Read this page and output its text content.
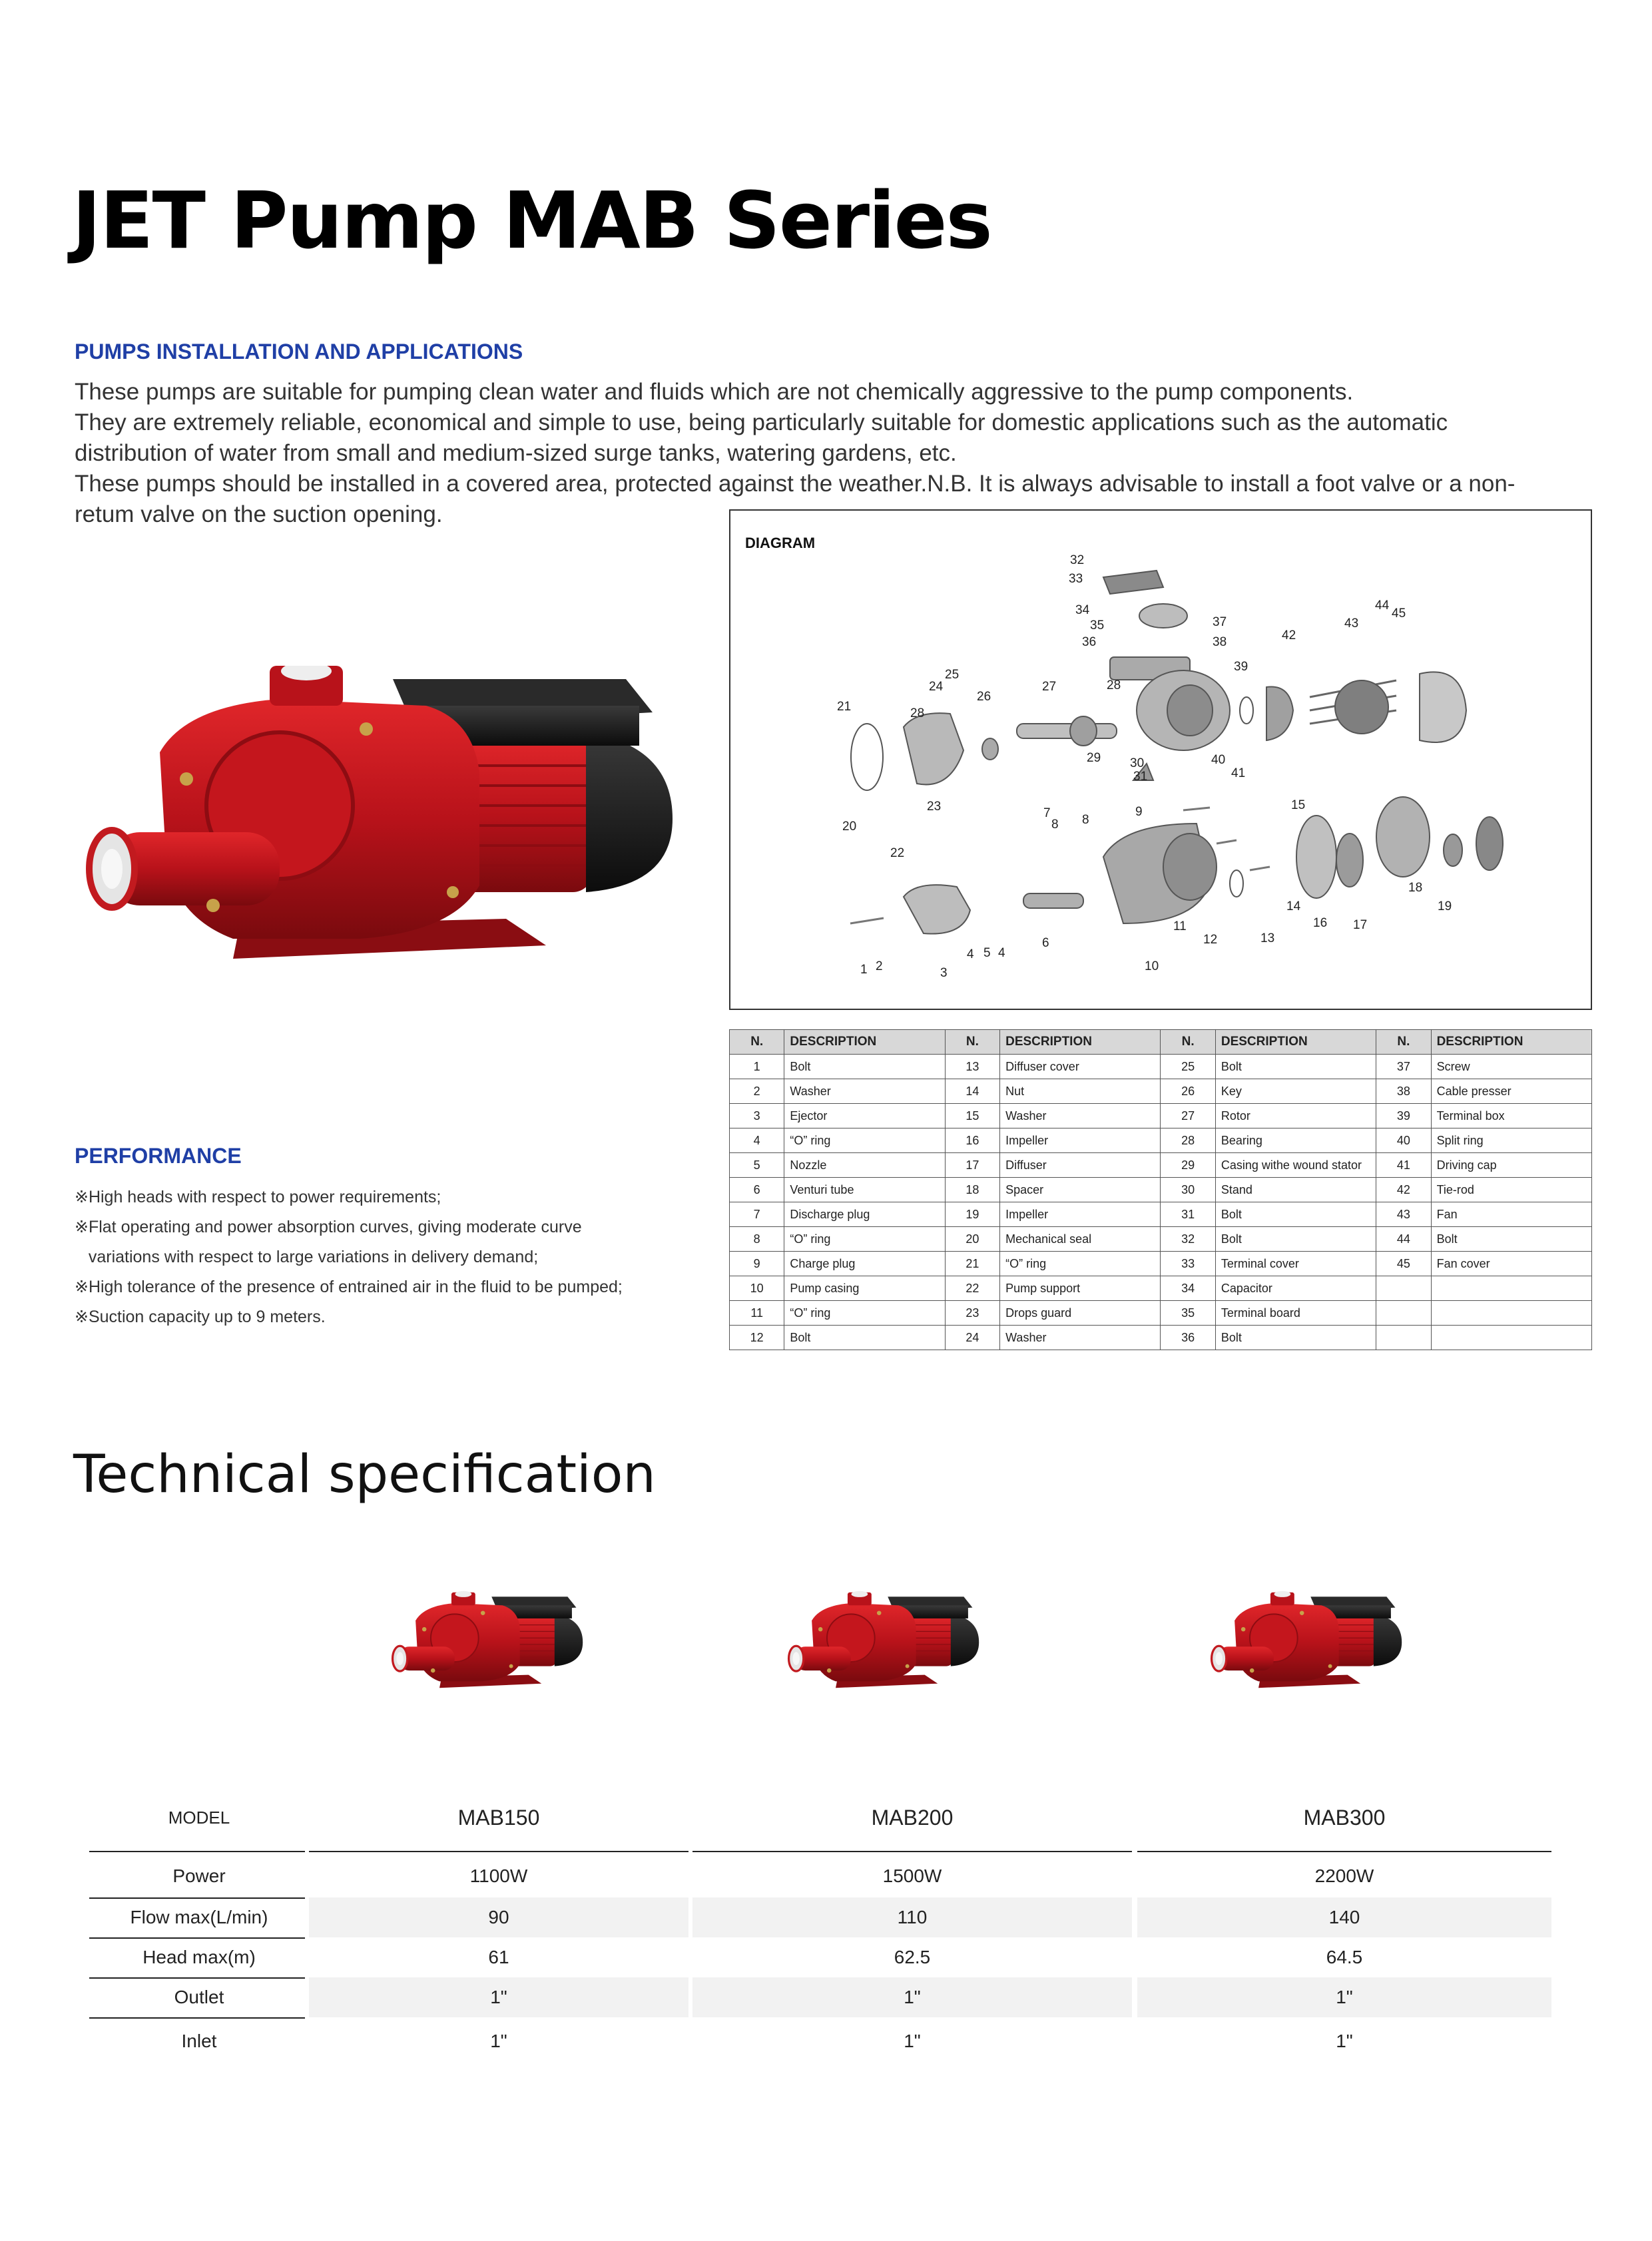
JET Pump MAB Series
PUMPS INSTALLATION AND APPLICATIONS

These pumps are suitable for pumping clean water and fluids which are not chemically aggressive to the pump components.

They are extremely reliable, economical and simple to use, being particularly suitable for domestic applications such as the automatic distribution of water from small and medium-sized surge tanks, watering gardens, etc.

These pumps should be installed in a covered area, protected against the weather.N.B. It is always advisable to install a foot valve or a non-retum valve on the suction opening.

1 2	3
4 5 4
6
7
8 8
9
10
11
12	13
14
15
16 17
18
19
20
21
22
23
24
25
26
27	28
28
29 30
31
32
33
34
35
36
37
38
39
40
41
42
43
44
45
DIAGRAM
N.	DESCRIPTION	N.	DESCRIPTION	N.	DESCRIPTION	N.	DESCRIPTION
1	Bolt	13	Diffuser cover	25	Bolt	37	Screw
2	Washer	14	Nut	26	Key	38	Cable presser
3	Ejector	15	Washer	27	Rotor	39	Terminal box
4	“O” ring	16	Impeller	28	Bearing	40	Split ring
5	Nozzle	17	Diffuser	29	Casing withe wound stator	41	Driving cap
6	Venturi tube	18	Spacer	30	Stand	42	Tie-rod
7	Discharge plug	19	Impeller	31	Bolt	43	Fan
8	“O” ring	20	Mechanical seal	32	Bolt	44	Bolt
9	Charge plug	21	“O” ring	33	Terminal cover	45	Fan cover
10	Pump casing	22	Pump support	34	Capacitor		
11	“O” ring	23	Drops guard	35	Terminal board		
12	Bolt	24	Washer	36	Bolt		
PERFORMANCE
※High heads with respect to power requirements;
※Flat operating and power absorption curves, giving moderate curve
variations with respect to large variations in delivery demand;
※High tolerance of the presence of entrained air in the fluid to be pumped;
※Suction capacity up to 9 meters.
Technical specification
MODEL	MAB150	MAB200	MAB300
Power	1100W	1500W	2200W
Flow max(L/min)	90	110	140
Head max(m)	61	62.5	64.5
Outlet	1"	1"	1"
Inlet	1"	1"	1"
